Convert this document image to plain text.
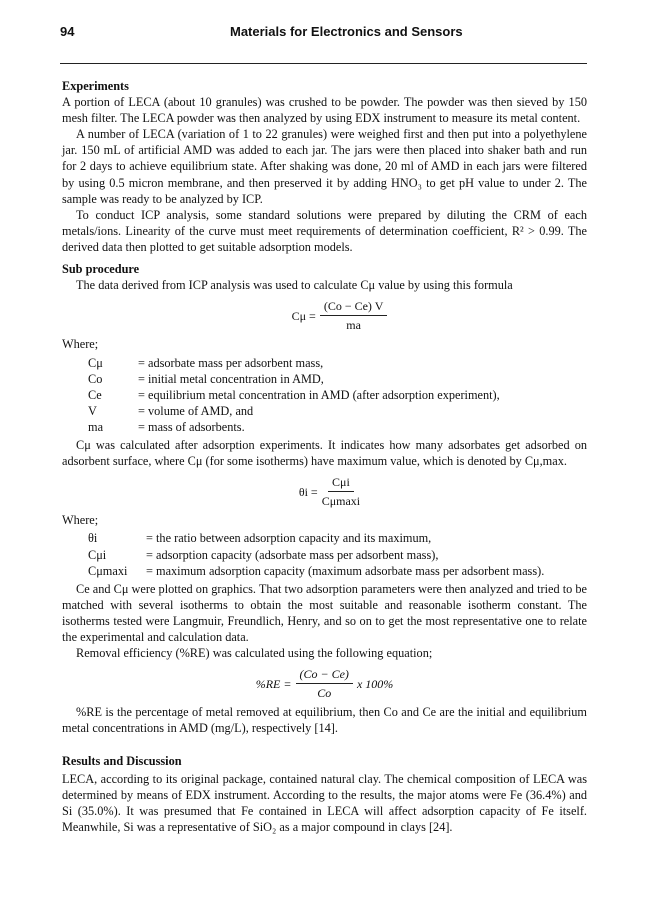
94	Materials for Electronics and Sensors

Experiments

A portion of LECA (about 10 granules) was crushed to be powder. The powder was then sieved by 150 mesh filter. The LECA powder was then analyzed by using EDX instrument to measure its metal content.

A number of LECA (variation of 1 to 22 granules) were weighed first and then put into a polyethylene jar. 150 mL of artificial AMD was added to each jar. The jars were then placed into shaker bath and run for 2 days to achieve equilibrium state. After shaking was done, 20 ml of AMD in each jars were filtered by using 0.5 micron membrane, and then preserved it by adding HNO₃ to get pH value to under 2. The sample was ready to be analyzed by ICP.

To conduct ICP analysis, some standard solutions were prepared by diluting the CRM of each metals/ions. Linearity of the curve must meet requirements of determination coefficient, R² > 0.99. The derived data then plotted to get suitable adsorption models.

Sub procedure

The data derived from ICP analysis was used to calculate Cμ value by using this formula

$C\mu = \frac{(Co - Ce) V}{ma}$

Where;

Cμ	= adsorbate mass per adsorbent mass,
Co	= initial metal concentration in AMD,
Ce	= equilibrium metal concentration in AMD (after adsorption experiment),
V	= volume of AMD, and
ma	= mass of adsorbents.

Cμ was calculated after adsorption experiments. It indicates how many adsorbates get adsorbed on adsorbent surface, where Cμ (for some isotherms) have maximum value, which is denoted by Cμ,max.

$\theta i = \frac{\text{Cμi}}{C\mu\max i}$

Where;

θi	= the ratio between adsorption capacity and its maximum,
Cμi	= adsorption capacity (adsorbate mass per adsorbent mass),
Cμmaxi	= maximum adsorption capacity (maximum adsorbate mass per adsorbent mass).

Ce and Cμ were plotted on graphics. That two adsorption parameters were then analyzed and tried to be matched with several isotherms to obtain the most suitable and reasonable isotherm constant. The isotherms tested were Langmuir, Freundlich, Henry, and so on to get the most representative one to relate the experimental and calculation data.

Removal efficiency (%RE) was calculated using the following equation;

$\%RE = \frac{(Co - Ce)}{Co}$ x 100%

%RE is the percentage of metal removed at equilibrium, then Co and Ce are the initial and equilibrium metal concentrations in AMD (mg/L), respectively [14].

Results and Discussion

LECA, according to its original package, contained natural clay. The chemical composition of LECA was determined by means of EDX instrument. According to the results, the major atoms were Fe (36.4%) and Si (35.0%). It was presumed that Fe contained in LECA will affect adsorption capacity of Fe itself. Meanwhile, Si was a representative of SiO₂ as a major compound in clays [24].
